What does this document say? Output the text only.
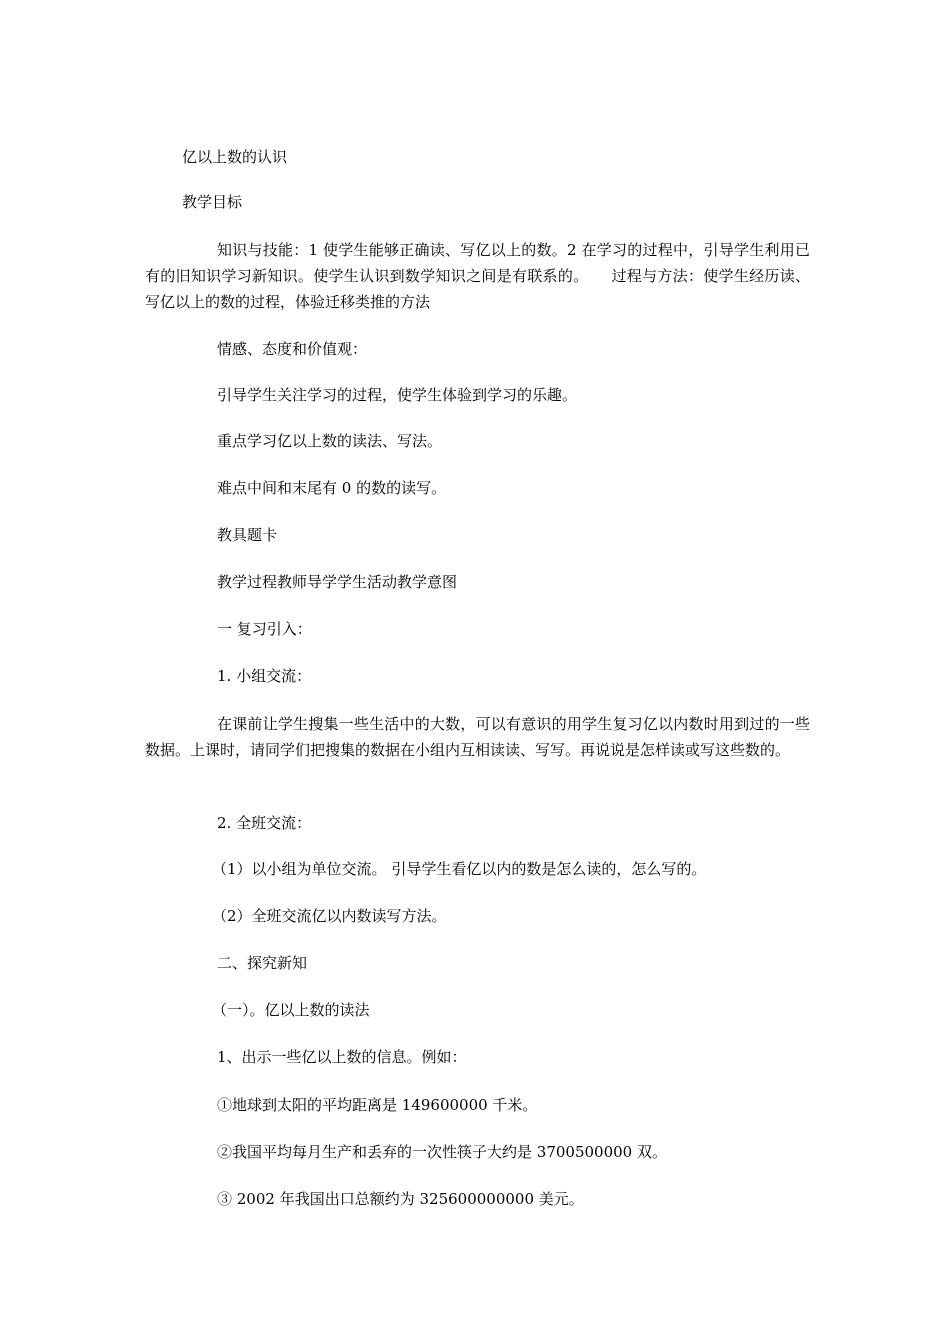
亿以上数的认识
教学目标
知识与技能：1 使学生能够正确读、写亿以上的数。2 在学习的过程中，引导学生利用已有的旧知识学习新知识。使学生认识到数学知识之间是有联系的。　　过程与方法：使学生经历读、写亿以上的数的过程，体验迁移类推的方法
情感、态度和价值观：
引导学生关注学习的过程，使学生体验到学习的乐趣。
重点学习亿以上数的读法、写法。
难点中间和末尾有 0 的数的读写。
教具题卡
教学过程教师导学学生活动教学意图
一 复习引入：
1. 小组交流：
在课前让学生搜集一些生活中的大数，可以有意识的用学生复习亿以内数时用到过的一些数据。上课时，请同学们把搜集的数据在小组内互相读读、写写。再说说是怎样读或写这些数的。
2. 全班交流：
（1）以小组为单位交流。 引导学生看亿以内的数是怎么读的，怎么写的。
（2）全班交流亿以内数读写方法。
二、探究新知
（一）。亿以上数的读法
1、出示一些亿以上数的信息。例如：
①地球到太阳的平均距离是 149600000 千米。
②我国平均每月生产和丢弃的一次性筷子大约是 3700500000 双。
③ 2002 年我国出口总额约为 325600000000 美元。
